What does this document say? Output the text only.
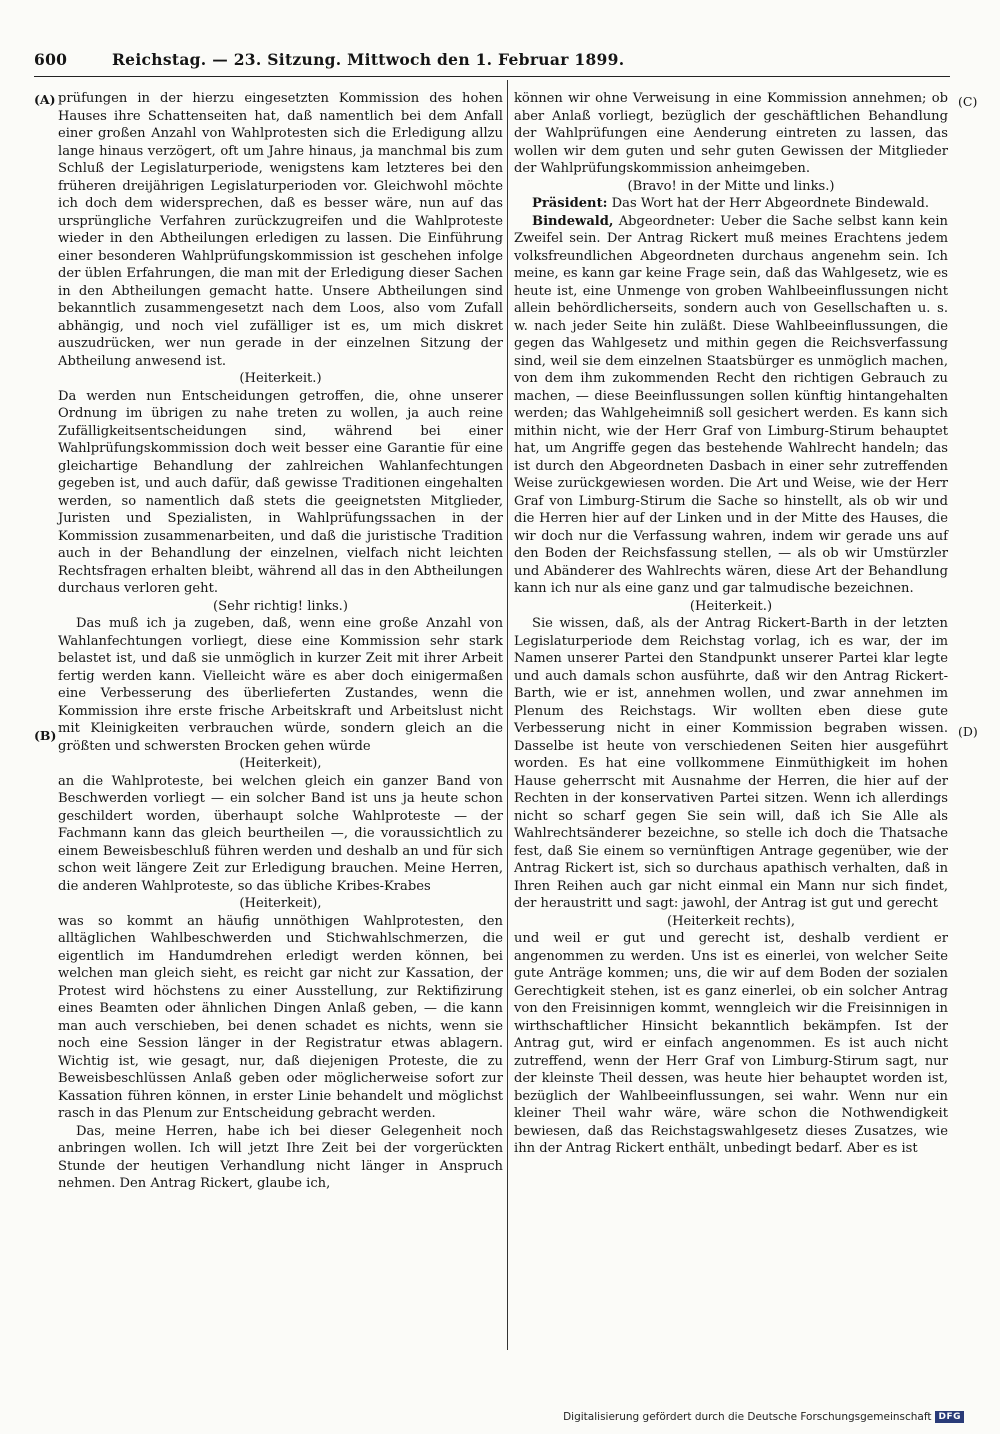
600	Reichstag. — 23. Sitzung. Mittwoch den 1. Februar 1899.
(A)
(B)
(C)
(D)

prüfungen in der hierzu eingesetzten Kommission des hohen Hauses ihre Schattenseiten hat, daß namentlich bei dem Anfall einer großen Anzahl von Wahlprotesten sich die Erledigung allzu lange hinaus verzögert, oft um Jahre hinaus, ja manchmal bis zum Schluß der Legislaturperiode, wenigstens kam letzteres bei den früheren dreijährigen Legislaturperioden vor. Gleichwohl möchte ich doch dem widersprechen, daß es besser wäre, nun auf das ursprüngliche Verfahren zurückzugreifen und die Wahlproteste wieder in den Abtheilungen erledigen zu lassen. Die Einführung einer besonderen Wahlprüfungskommission ist geschehen infolge der üblen Erfahrungen, die man mit der Erledigung dieser Sachen in den Abtheilungen gemacht hatte. Unsere Abtheilungen sind bekanntlich zusammengesetzt nach dem Loos, also vom Zufall abhängig, und noch viel zufälliger ist es, um mich diskret auszudrücken, wer nun gerade in der einzelnen Sitzung der Abtheilung anwesend ist.

(Heiterkeit.)

Da werden nun Entscheidungen getroffen, die, ohne unserer Ordnung im übrigen zu nahe treten zu wollen, ja auch reine Zufälligkeitsentscheidungen sind, während bei einer Wahlprüfungskommission doch weit besser eine Garantie für eine gleichartige Behandlung der zahlreichen Wahlanfechtungen gegeben ist, und auch dafür, daß gewisse Traditionen eingehalten werden, so namentlich daß stets die geeignetsten Mitglieder, Juristen und Spezialisten, in Wahlprüfungssachen in der Kommission zusammenarbeiten, und daß die juristische Tradition auch in der Behandlung der einzelnen, vielfach nicht leichten Rechtsfragen erhalten bleibt, während all das in den Abtheilungen durchaus verloren geht.

(Sehr richtig! links.)

Das muß ich ja zugeben, daß, wenn eine große Anzahl von Wahlanfechtungen vorliegt, diese eine Kommission sehr stark belastet ist, und daß sie unmöglich in kurzer Zeit mit ihrer Arbeit fertig werden kann. Vielleicht wäre es aber doch einigermaßen eine Verbesserung des überlieferten Zustandes, wenn die Kommission ihre erste frische Arbeitskraft und Arbeitslust nicht mit Kleinigkeiten verbrauchen würde, sondern gleich an die größten und schwersten Brocken gehen würde

(Heiterkeit),

an die Wahlproteste, bei welchen gleich ein ganzer Band von Beschwerden vorliegt — ein solcher Band ist uns ja heute schon geschildert worden, überhaupt solche Wahlproteste — der Fachmann kann das gleich beurtheilen —, die voraussichtlich zu einem Beweisbeschluß führen werden und deshalb an und für sich schon weit längere Zeit zur Erledigung brauchen. Meine Herren, die anderen Wahlproteste, so das übliche Kribes-Krabes

(Heiterkeit),

was so kommt an häufig unnöthigen Wahlprotesten, den alltäglichen Wahlbeschwerden und Stichwahlschmerzen, die eigentlich im Handumdrehen erledigt werden können, bei welchen man gleich sieht, es reicht gar nicht zur Kassation, der Protest wird höchstens zu einer Ausstellung, zur Rektifizirung eines Beamten oder ähnlichen Dingen Anlaß geben, — die kann man auch verschieben, bei denen schadet es nichts, wenn sie noch eine Session länger in der Registratur etwas ablagern. Wichtig ist, wie gesagt, nur, daß diejenigen Proteste, die zu Beweisbeschlüssen Anlaß geben oder möglicherweise sofort zur Kassation führen können, in erster Linie behandelt und möglichst rasch in das Plenum zur Entscheidung gebracht werden.

Das, meine Herren, habe ich bei dieser Gelegenheit noch anbringen wollen. Ich will jetzt Ihre Zeit bei der vorgerückten Stunde der heutigen Verhandlung nicht länger in Anspruch nehmen. Den Antrag Rickert, glaube ich,

können wir ohne Verweisung in eine Kommission annehmen; ob aber Anlaß vorliegt, bezüglich der geschäftlichen Behandlung der Wahlprüfungen eine Aenderung eintreten zu lassen, das wollen wir dem guten und sehr guten Gewissen der Mitglieder der Wahlprüfungskommission anheimgeben.

(Bravo! in der Mitte und links.)

Präsident: Das Wort hat der Herr Abgeordnete Bindewald.

Bindewald, Abgeordneter: Ueber die Sache selbst kann kein Zweifel sein. Der Antrag Rickert muß meines Erachtens jedem volksfreundlichen Abgeordneten durchaus angenehm sein. Ich meine, es kann gar keine Frage sein, daß das Wahlgesetz, wie es heute ist, eine Unmenge von groben Wahlbeeinflussungen nicht allein behördlicherseits, sondern auch von Gesellschaften u. s. w. nach jeder Seite hin zuläßt. Diese Wahlbeeinflussungen, die gegen das Wahlgesetz und mithin gegen die Reichsverfassung sind, weil sie dem einzelnen Staatsbürger es unmöglich machen, von dem ihm zukommenden Recht den richtigen Gebrauch zu machen, — diese Beeinflussungen sollen künftig hintangehalten werden; das Wahlgeheimniß soll gesichert werden. Es kann sich mithin nicht, wie der Herr Graf von Limburg-Stirum behauptet hat, um Angriffe gegen das bestehende Wahlrecht handeln; das ist durch den Abgeordneten Dasbach in einer sehr zutreffenden Weise zurückgewiesen worden. Die Art und Weise, wie der Herr Graf von Limburg-Stirum die Sache so hinstellt, als ob wir und die Herren hier auf der Linken und in der Mitte des Hauses, die wir doch nur die Verfassung wahren, indem wir gerade uns auf den Boden der Reichsfassung stellen, — als ob wir Umstürzler und Abänderer des Wahlrechts wären, diese Art der Behandlung kann ich nur als eine ganz und gar talmudische bezeichnen.

(Heiterkeit.)

Sie wissen, daß, als der Antrag Rickert-Barth in der letzten Legislaturperiode dem Reichstag vorlag, ich es war, der im Namen unserer Partei den Standpunkt unserer Partei klar legte und auch damals schon ausführte, daß wir den Antrag Rickert-Barth, wie er ist, annehmen wollen, und zwar annehmen im Plenum des Reichstags. Wir wollten eben diese gute Verbesserung nicht in einer Kommission begraben wissen. Dasselbe ist heute von verschiedenen Seiten hier ausgeführt worden. Es hat eine vollkommene Einmüthigkeit im hohen Hause geherrscht mit Ausnahme der Herren, die hier auf der Rechten in der konservativen Partei sitzen. Wenn ich allerdings nicht so scharf gegen Sie sein will, daß ich Sie Alle als Wahlrechtsänderer bezeichne, so stelle ich doch die Thatsache fest, daß Sie einem so vernünftigen Antrage gegenüber, wie der Antrag Rickert ist, sich so durchaus apathisch verhalten, daß in Ihren Reihen auch gar nicht einmal ein Mann nur sich findet, der heraustritt und sagt: jawohl, der Antrag ist gut und gerecht

(Heiterkeit rechts),

und weil er gut und gerecht ist, deshalb verdient er angenommen zu werden. Uns ist es einerlei, von welcher Seite gute Anträge kommen; uns, die wir auf dem Boden der sozialen Gerechtigkeit stehen, ist es ganz einerlei, ob ein solcher Antrag von den Freisinnigen kommt, wenngleich wir die Freisinnigen in wirthschaftlicher Hinsicht bekanntlich bekämpfen. Ist der Antrag gut, wird er einfach angenommen. Es ist auch nicht zutreffend, wenn der Herr Graf von Limburg-Stirum sagt, nur der kleinste Theil dessen, was heute hier behauptet worden ist, bezüglich der Wahlbeeinflussungen, sei wahr. Wenn nur ein kleiner Theil wahr wäre, wäre schon die Nothwendigkeit bewiesen, daß das Reichstagswahlgesetz dieses Zusatzes, wie ihn der Antrag Rickert enthält, unbedingt bedarf. Aber es ist

Digitalisierung gefördert durch die Deutsche Forschungsgemeinschaft DFG
